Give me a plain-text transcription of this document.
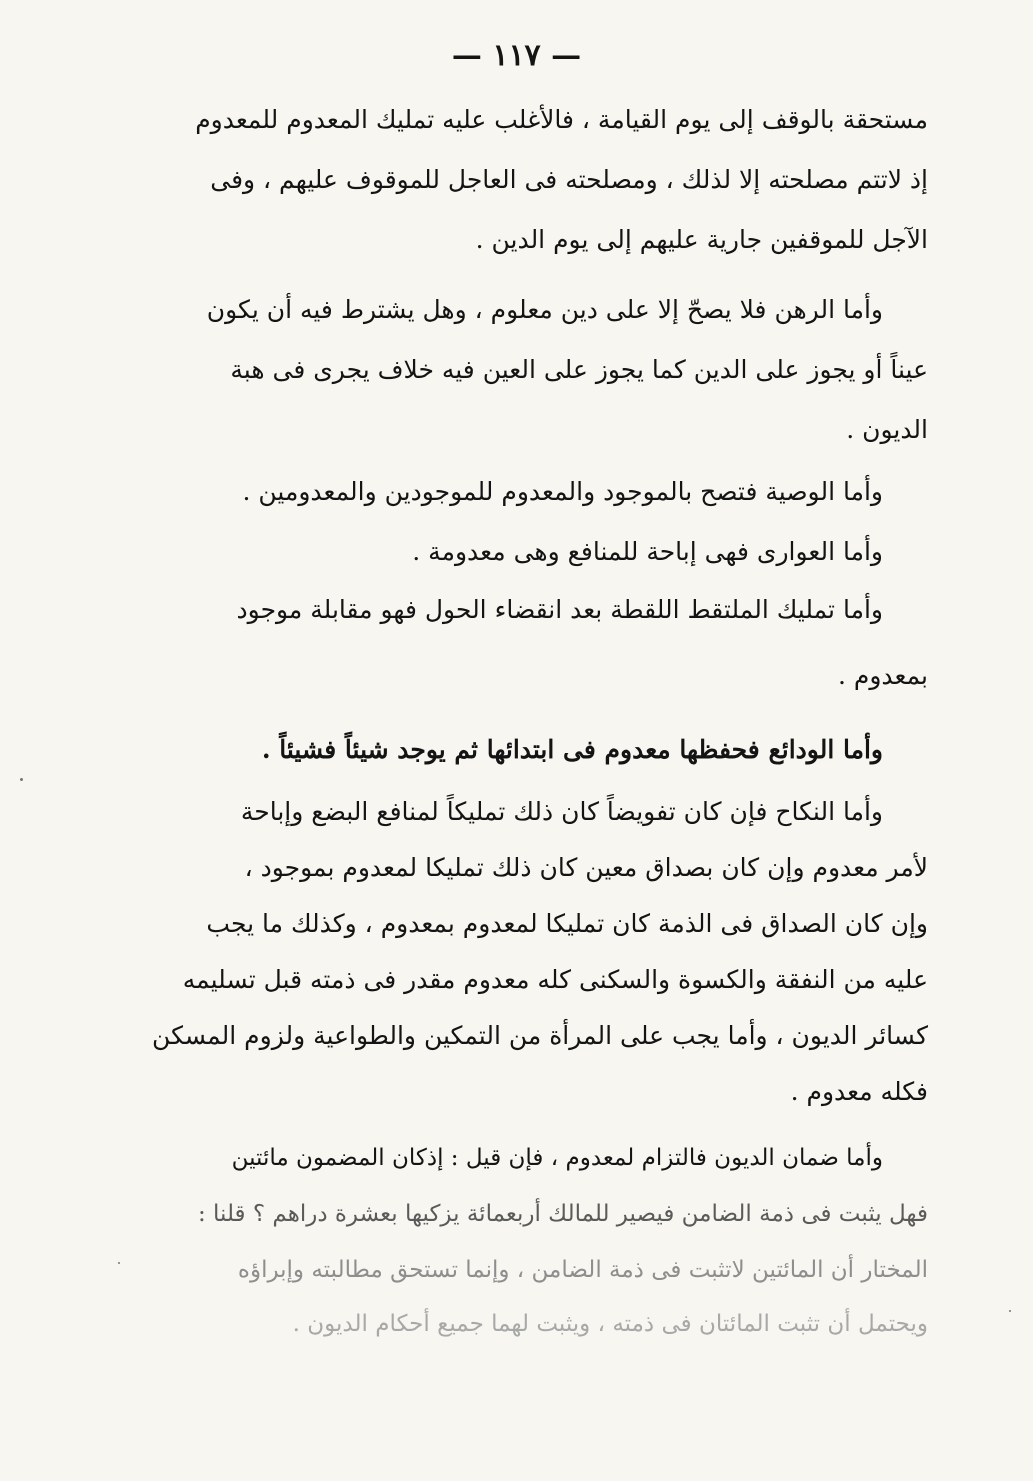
— ١١٧ —
مستحقة بالوقف إلى يوم القيامة ، فالأغلب عليه تمليك المعدوم للمعدوم
إذ لاتتم مصلحته إلا لذلك ، ومصلحته فى العاجل للموقوف عليهم ، وفى
الآجل للموقفين جارية عليهم إلى يوم الدين .
وأما الرهن فلا يصحّ إلا على دين معلوم ، وهل يشترط فيه أن يكون
عيناً أو يجوز على الدين كما يجوز على العين فيه خلاف يجرى فى هبة
الديون .
وأما الوصية فتصح بالموجود والمعدوم للموجودين والمعدومين .
وأما العوارى فهى إباحة للمنافع وهى معدومة .
وأما تمليك الملتقط اللقطة بعد انقضاء الحول فهو مقابلة موجود
بمعدوم .
وأما الودائع فحفظها معدوم فى ابتدائها ثم يوجد شيئاً فشيئاً .
وأما النكاح فإن كان تفويضاً كان ذلك تمليكاً لمنافع البضع وإباحة
لأمر معدوم وإن كان بصداق معين كان ذلك تمليكا لمعدوم بموجود ،
وإن كان الصداق فى الذمة كان تمليكا لمعدوم بمعدوم ، وكذلك ما يجب
عليه من النفقة والكسوة والسكنى كله معدوم مقدر فى ذمته قبل تسليمه
كسائر الديون ، وأما يجب على المرأة من التمكين والطواعية ولزوم المسكن
فكله معدوم .
وأما ضمان الديون فالتزام لمعدوم ، فإن قيل : إذكان المضمون مائتين
فهل يثبت فى ذمة الضامن فيصير للمالك أربعمائة يزكيها بعشرة دراهم ؟ قلنا :
المختار أن المائتين لاتثبت فى ذمة الضامن ، وإنما تستحق مطالبته وإبراؤه
ويحتمل أن تثبت المائتان فى ذمته ، ويثبت لهما جميع أحكام الديون .
